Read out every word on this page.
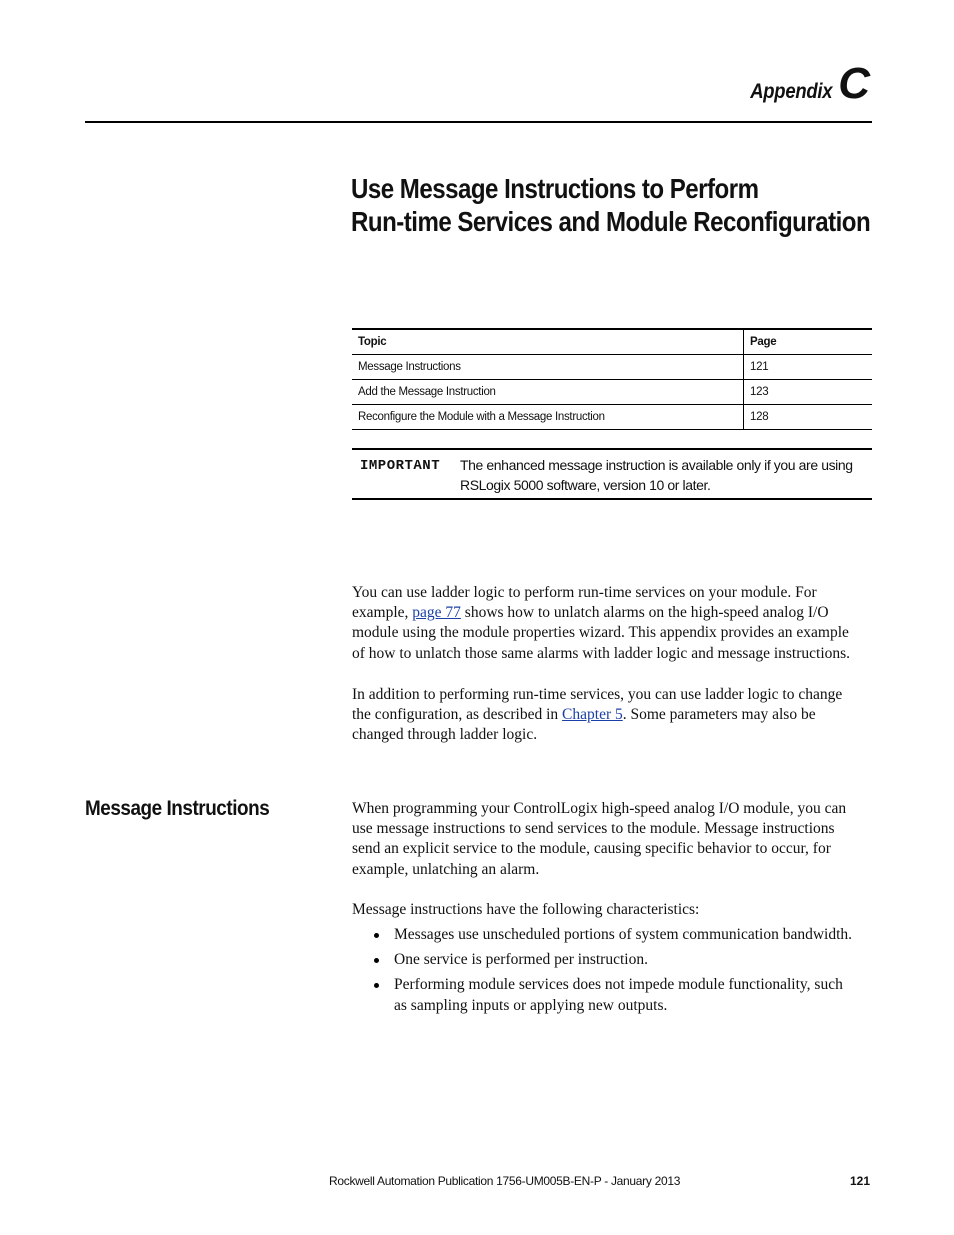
Appendix C
Use Message Instructions to Perform
Run-time Services and Module Reconfiguration
Topic	Page
Message Instructions	121
Add the Message Instruction	123
Reconfigure the Module with a Message Instruction	128
IMPORTANT The enhanced message instruction is available only if you are using
RSLogix 5000 software, version 10 or later.

You can use ladder logic to perform run-time services on your module. For
example, page 77 shows how to unlatch alarms on the high-speed analog I/O
module using the module properties wizard. This appendix provides an example
of how to unlatch those same alarms with ladder logic and message instructions.

In addition to performing run-time services, you can use ladder logic to change
the configuration, as described in Chapter 5. Some parameters may also be
changed through ladder logic.

Message Instructions	When programming your ControlLogix high-speed analog I/O module, you can
use message instructions to send services to the module. Message instructions
send an explicit service to the module, causing specific behavior to occur, for
example, unlatching an alarm.

Message instructions have the following characteristics:

Messages use unscheduled portions of system communication bandwidth.
One service is performed per instruction.
Performing module services does not impede module functionality, such
as sampling inputs or applying new outputs.
Rockwell Automation Publication 1756-UM005B-EN-P - January 2013	121
